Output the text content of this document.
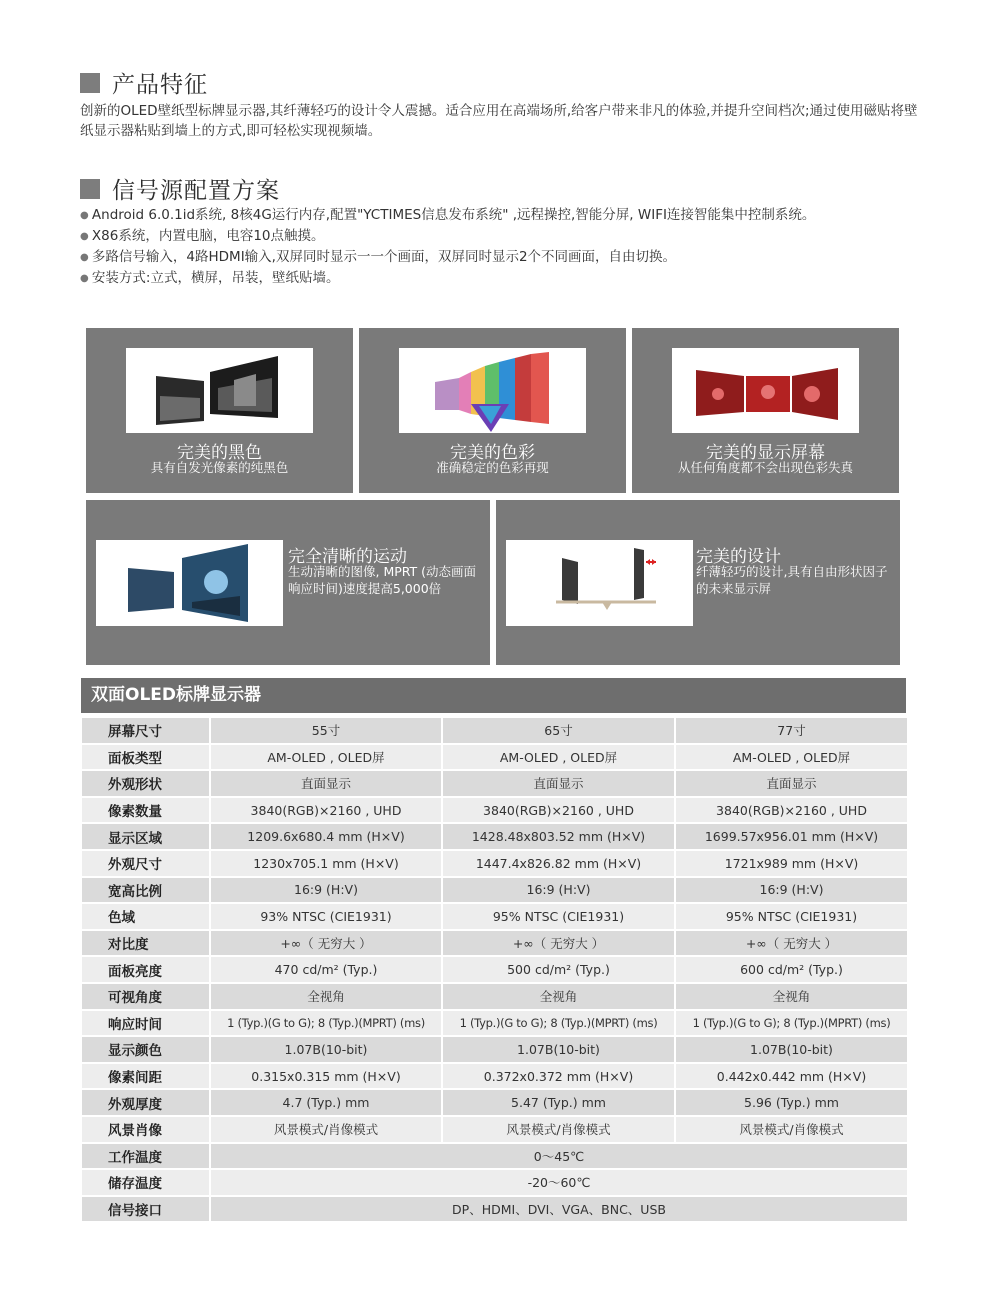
产品特征
创新的OLED壁纸型标牌显示器,其纤薄轻巧的设计令人震撼。适合应用在高端场所,给客户带来非凡的体验,并提升空间档次;通过使用磁贴将壁纸显示器粘贴到墙上的方式,即可轻松实现视频墙。
信号源配置方案
● Android 6.0.1id系统, 8核4G运行内存,配置"YCTIMES信息发布系统" ,远程操控,智能分屏, WIFI连接智能集中控制系统。
● X86系统，内置电脑，电容10点触摸。
● 多路信号输入，4路HDMI输入,双屏同时显示一一个画面，双屏同时显示2个不同画面，自由切换。
● 安装方式:立式，横屏，吊装，壁纸贴墙。
完美的黑色
具有自发光像素的纯黑色
完美的色彩
准确稳定的色彩再现
完美的显示屏幕
从任何角度都不会出现色彩失真
完全清晰的运动
生动清晰的图像, MPRT (动态画面响应时间)速度提高5,000倍
完美的设计
纤薄轻巧的设计,具有自由形状因子的未来显示屏
双面OLED标牌显示器
屏幕尺寸	55寸	65寸	77寸
面板类型	AM-OLED , OLED屏	AM-OLED , OLED屏	AM-OLED , OLED屏
外观形状	直面显示	直面显示	直面显示
像素数量	3840(RGB)×2160 , UHD	3840(RGB)×2160 , UHD	3840(RGB)×2160 , UHD
显示区域	1209.6x680.4 mm (H×V)	1428.48x803.52 mm (H×V)	1699.57x956.01 mm (H×V)
外观尺寸	1230x705.1 mm (H×V)	1447.4x826.82 mm (H×V)	1721x989 mm (H×V)
宽高比例	16:9 (H:V)	16:9 (H:V)	16:9 (H:V)
色域	93% NTSC (CIE1931)	95% NTSC (CIE1931)	95% NTSC (CIE1931)
对比度	+∞（ 无穷大 ）	+∞（ 无穷大 ）	+∞（ 无穷大 ）
面板亮度	470 cd/m² (Typ.)	500 cd/m² (Typ.)	600 cd/m² (Typ.)
可视角度	全视角	全视角	全视角
响应时间	1 (Typ.)(G to G); 8 (Typ.)(MPRT) (ms)	1 (Typ.)(G to G); 8 (Typ.)(MPRT) (ms)	1 (Typ.)(G to G); 8 (Typ.)(MPRT) (ms)
显示颜色	1.07B(10-bit)	1.07B(10-bit)	1.07B(10-bit)
像素间距	0.315x0.315 mm (H×V)	0.372x0.372 mm (H×V)	0.442x0.442 mm (H×V)
外观厚度	4.7 (Typ.) mm	5.47 (Typ.) mm	5.96 (Typ.) mm
风景肖像	风景模式/肖像模式	风景模式/肖像模式	风景模式/肖像模式
工作温度	0～45℃		
储存温度	-20～60℃		
信号接口	DP、HDMI、DVI、VGA、BNC、USB		
